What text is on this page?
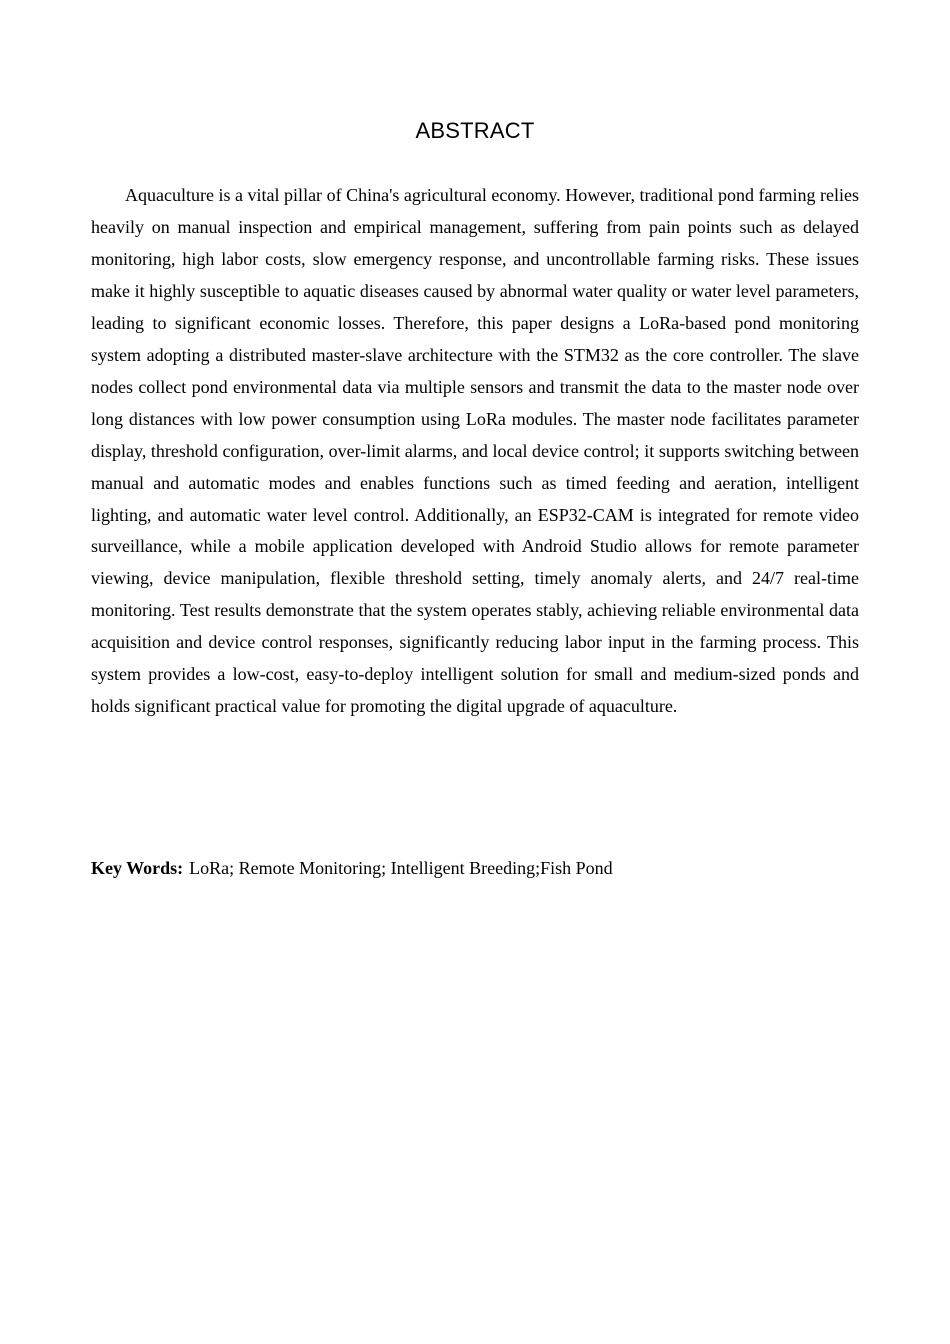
ABSTRACT

Aquaculture is a vital pillar of China's agricultural economy. However, traditional pond farming relies heavily on manual inspection and empirical management, suffering from pain points such as delayed monitoring, high labor costs, slow emergency response, and uncontrollable farming risks. These issues make it highly susceptible to aquatic diseases caused by abnormal water quality or water level parameters, leading to significant economic losses. Therefore, this paper designs a LoRa-based pond monitoring system adopting a distributed master-slave architecture with the STM32 as the core controller. The slave nodes collect pond environmental data via multiple sensors and transmit the data to the master node over long distances with low power consumption using LoRa modules. The master node facilitates parameter display, threshold configuration, over-limit alarms, and local device control; it supports switching between manual and automatic modes and enables functions such as timed feeding and aeration, intelligent lighting, and automatic water level control. Additionally, an ESP32-CAM is integrated for remote video surveillance, while a mobile application developed with Android Studio allows for remote parameter viewing, device manipulation, flexible threshold setting, timely anomaly alerts, and 24/7 real-time monitoring. Test results demonstrate that the system operates stably, achieving reliable environmental data acquisition and device control responses, significantly reducing labor input in the farming process. This system provides a low-cost, easy-to-deploy intelligent solution for small and medium-sized ponds and holds significant practical value for promoting the digital upgrade of aquaculture.

Key Words: LoRa; Remote Monitoring; Intelligent Breeding;Fish Pond
